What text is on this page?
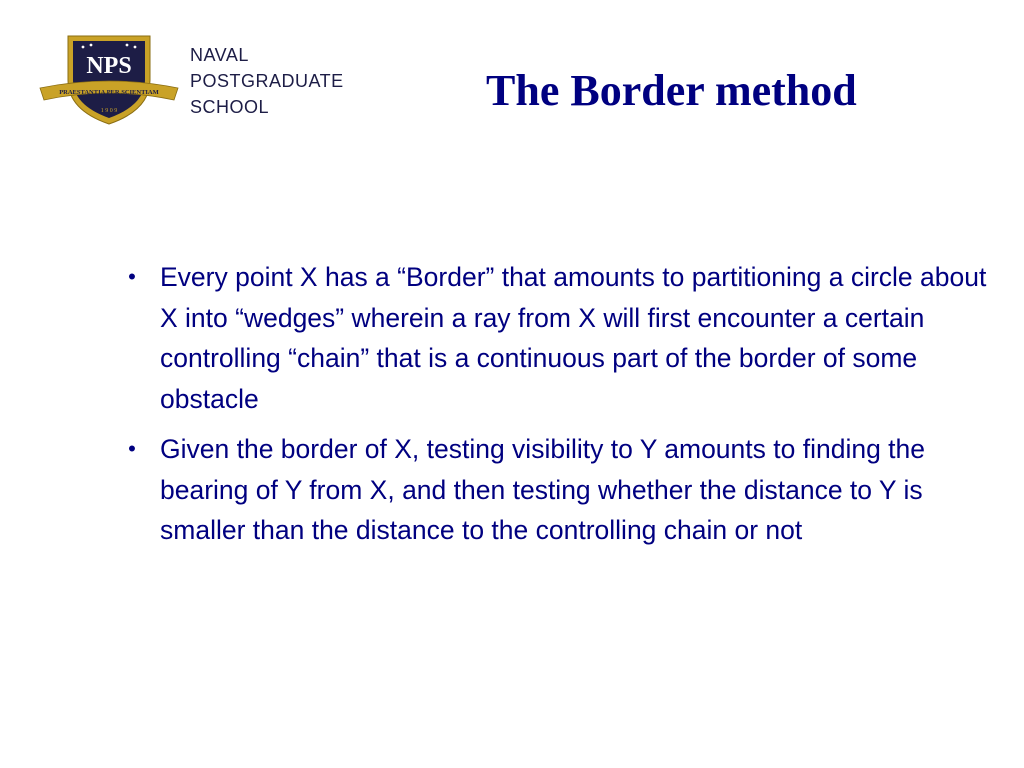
NPS
PRAESTANTIA PER SCIENTIAM
1 9 0 9
NAVAL
POSTGRADUATE
SCHOOL	The Border method
• Every point X has a “Border” that amounts to partitioning a circle about X into “wedges” wherein a ray from X will first encounter a certain controlling “chain” that is a continuous part of the border of some obstacle
• Given the border of X, testing visibility to Y amounts to finding the bearing of Y from X, and then testing whether the distance to Y is smaller than the distance to the controlling chain or not
